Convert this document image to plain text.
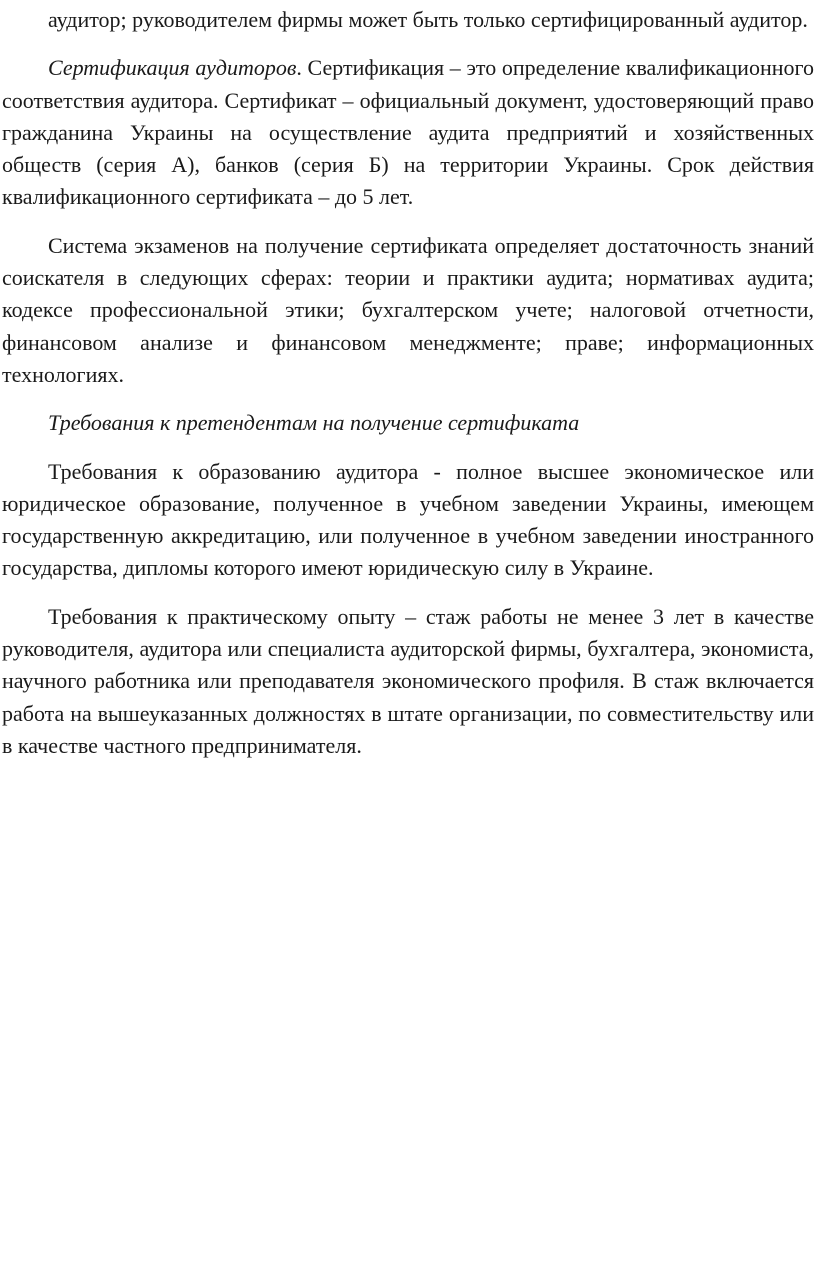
аудитор; руководителем фирмы может быть только сертифицированный аудитор.

Сертификация аудиторов. Сертификация – это определение квалификационного соответствия аудитора. Сертификат – официальный документ, удостоверяющий право гражданина Украины на осуществление аудита предприятий и хозяйственных обществ (серия А), банков (серия Б) на территории Украины. Срок действия квалификационного сертификата – до 5 лет.

Система экзаменов на получение сертификата определяет достаточность знаний соискателя в следующих сферах: теории и практики аудита; нормативах аудита; кодексе профессиональной этики; бухгалтерском учете; налоговой отчетности, финансовом анализе и финансовом менеджменте; праве; информационных технологиях.

Требования к претендентам на получение сертификата

Требования к образованию аудитора - полное высшее экономическое или юридическое образование, полученное в учебном заведении Украины, имеющем государственную аккредитацию, или полученное в учебном заведении иностранного государства, дипломы которого имеют юридическую силу в Украине.

Требования к практическому опыту – стаж работы не менее 3 лет в качестве руководителя, аудитора или специалиста аудиторской фирмы, бухгалтера, экономиста, научного работника или преподавателя экономического профиля. В стаж включается работа на вышеуказанных должностях в штате организации, по совместительству или в качестве частного предпринимателя.
